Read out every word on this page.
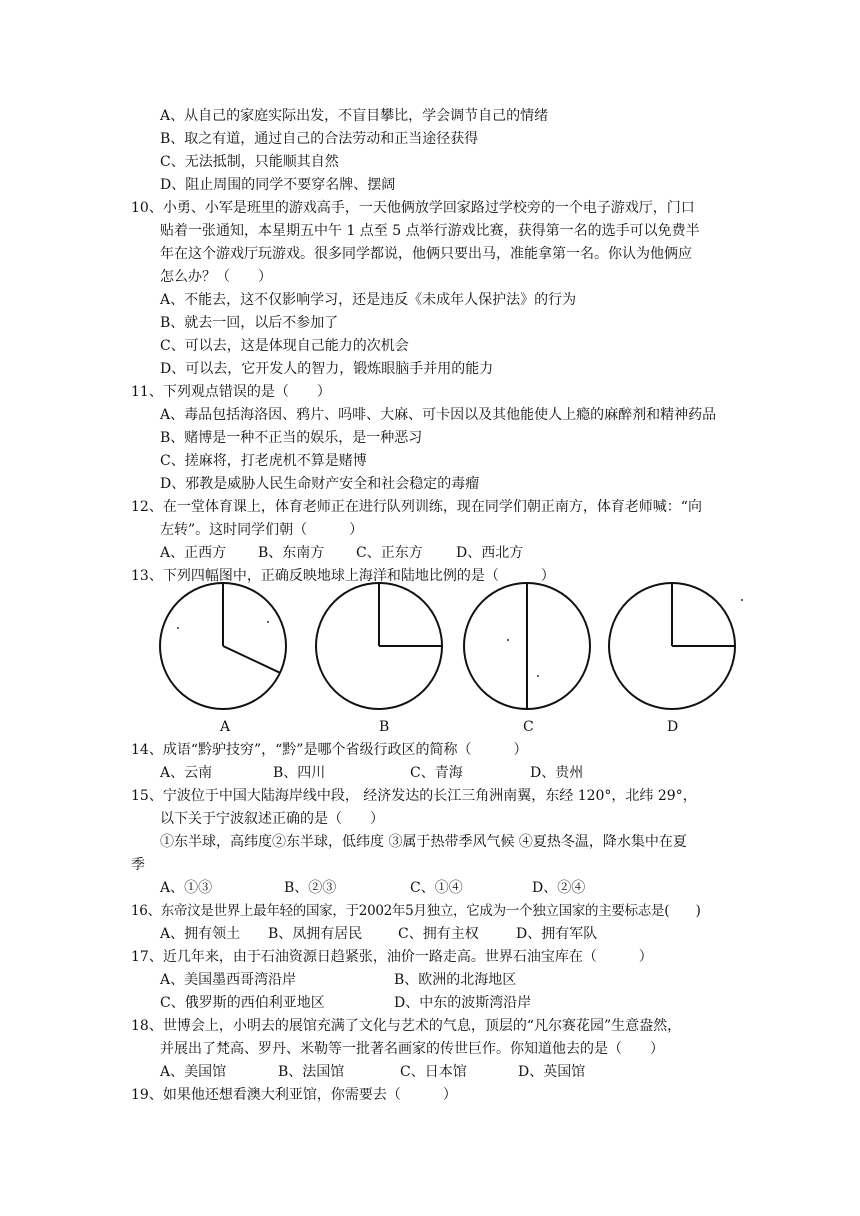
A、从自己的家庭实际出发，不盲目攀比，学会调节自己的情绪
B、取之有道，通过自己的合法劳动和正当途径获得
C、无法抵制，只能顺其自然
D、阻止周围的同学不要穿名牌、摆阔
10、小勇、小军是班里的游戏高手，一天他俩放学回家路过学校旁的一个电子游戏厅，门口
贴着一张通知，本星期五中午 1 点至 5 点举行游戏比赛，获得第一名的选手可以免费半
年在这个游戏厅玩游戏。很多同学都说，他俩只要出马，准能拿第一名。你认为他俩应
怎么办？（　　）
A、不能去，这不仅影响学习，还是违反《未成年人保护法》的行为
B、就去一回，以后不参加了
C、可以去，这是体现自己能力的次机会
D、可以去，它开发人的智力，锻炼眼脑手并用的能力
11、下列观点错误的是（　　）
A、毒品包括海洛因、鸦片、吗啡、大麻、可卡因以及其他能使人上瘾的麻醉剂和精神药品
B、赌博是一种不正当的娱乐，是一种恶习
C、搓麻将，打老虎机不算是赌博
D、邪教是威胁人民生命财产安全和社会稳定的毒瘤
12、在一堂体育课上，体育老师正在进行队列训练，现在同学们朝正南方，体育老师喊：“向
左转”。这时同学们朝（　　　）
A、正西方 B、东南方 C、正东方 D、西北方
13、下列四幅图中，正确反映地球上海洋和陆地比例的是（　　　）
A	B	C	D
14、成语“黔驴技穷”，“黔”是哪个省级行政区的简称（　　　）
A、云南	B、四川	C、青海	D、贵州
15、宁波位于中国大陆海岸线中段， 经济发达的长江三角洲南翼，东经 120°，北纬 29°，
以下关于宁波叙述正确的是（　　）
①东半球，高纬度②东半球，低纬度 ③属于热带季风气候 ④夏热冬温，降水集中在夏
季
A、①③	B、②③	C、①④	D、②④
16、东帝汶是世界上最年轻的国家，于2002年5月独立，它成为一个独立国家的主要标志是(　　)
A、拥有领土 B、凤拥有居民	C、拥有主权	D、拥有军队
17、近几年来，由于石油资源日趋紧张，油价一路走高。世界石油宝库在（　　　）
A、美国墨西哥湾沿岸	B、欧洲的北海地区
C、俄罗斯的西伯利亚地区	D、中东的波斯湾沿岸
18、世博会上，小明去的展馆充满了文化与艺术的气息，顶层的“凡尔赛花园”生意盎然，
并展出了梵高、罗丹、米勒等一批著名画家的传世巨作。你知道他去的是（　　）
A、美国馆	B、法国馆	C、日本馆	D、英国馆
19、如果他还想看澳大利亚馆，你需要去（　　　）
